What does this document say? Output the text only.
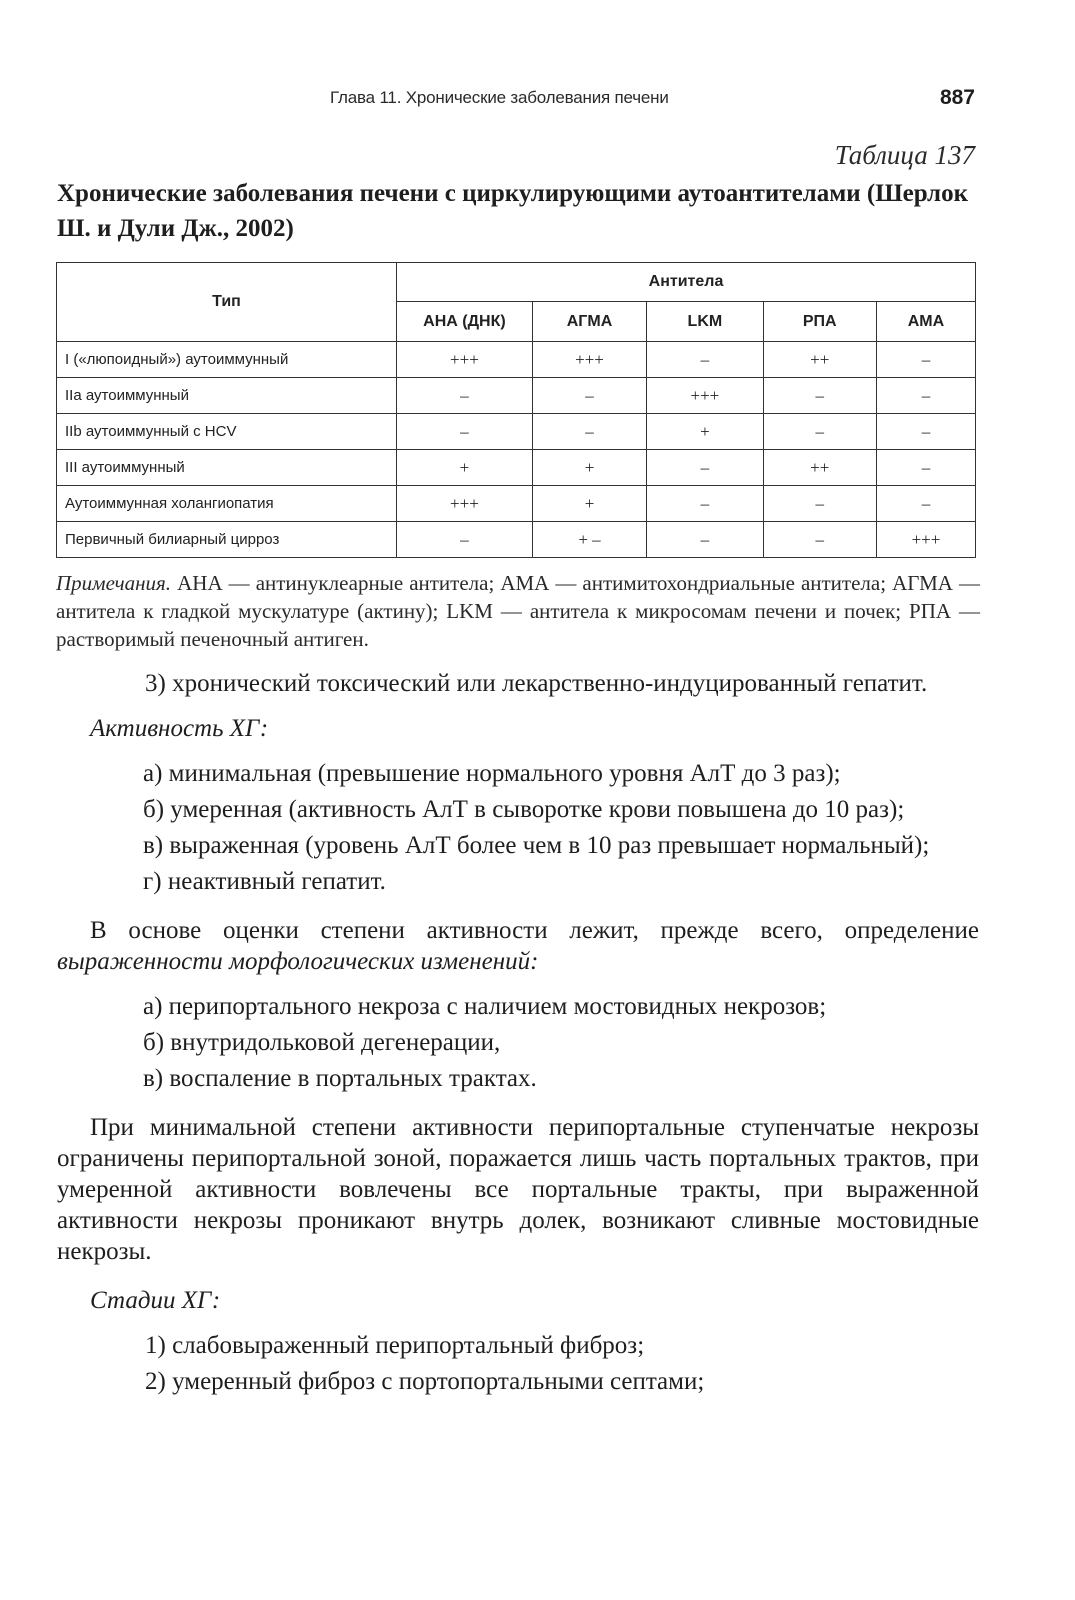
Глава 11. Хронические заболевания печени	887
Таблица 137
Хронические заболевания печени с циркулирующими аутоантителами (Шерлок Ш. и Дули Дж., 2002)
Тип	Антитела				
	АНА (ДНК)	АГМА	LKM	РПА	АМА
I («люпоидный») аутоиммунный	+++	+++	–	++	–
IIa аутоиммунный	–	–	+++	–	–
IIb аутоиммунный с HCV	–	–	+	–	–
III аутоиммунный	+	+	–	++	–
Аутоиммунная холангиопатия	+++	+	–	–	–
Первичный билиарный цирроз	–	+ –	–	–	+++

Примечания. АНА — антинуклеарные антитела; АМА — антимитохондриальные антитела; АГМА — антитела к гладкой мускулатуре (актину); LKM — антитела к микросомам печени и почек; РПА — растворимый печеночный антиген.

3) хронический токсический или лекарственно-индуцированный гепатит.

Активность ХГ:

а) минимальная (превышение нормального уровня АлТ до 3 раз);

б) умеренная (активность АлТ в сыворотке крови повышена до 10 раз);

в) выраженная (уровень АлТ более чем в 10 раз превышает нормальный);

г) неактивный гепатит.

В основе оценки степени активности лежит, прежде всего, определение выраженности морфологических изменений:

а) перипортального некроза с наличием мостовидных некрозов;

б) внутридольковой дегенерации,

в) воспаление в портальных трактах.

При минимальной степени активности перипортальные ступенчатые некрозы ограничены перипортальной зоной, поражается лишь часть портальных трактов, при умеренной активности вовлечены все портальные тракты, при выраженной активности некрозы проникают внутрь долек, возникают сливные мостовидные некрозы.

Стадии ХГ:

1) слабовыраженный перипортальный фиброз;

2) умеренный фиброз с портопортальными септами;
